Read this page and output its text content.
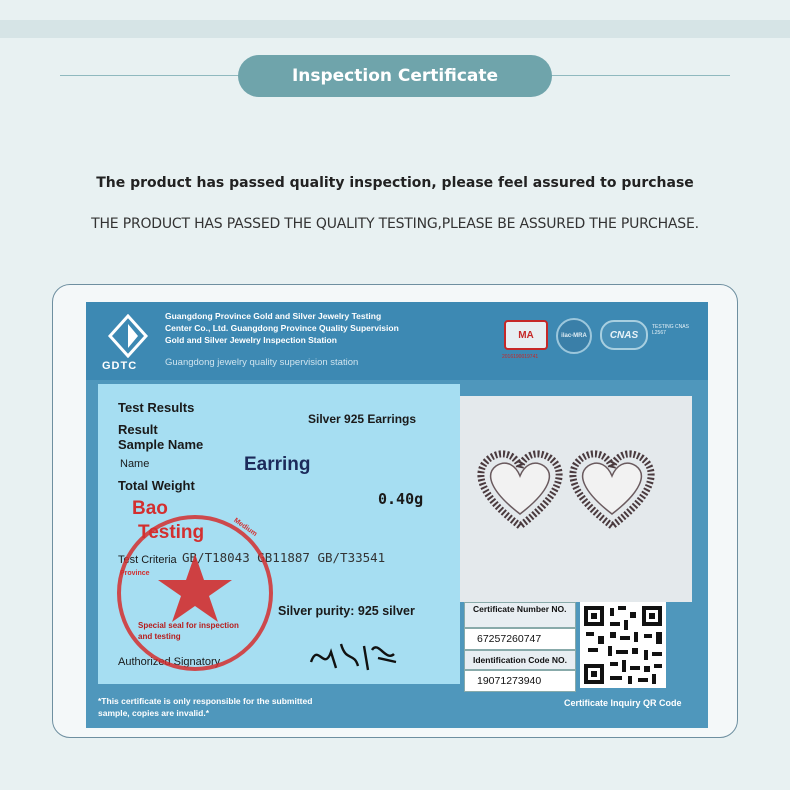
Inspection Certificate
The product has passed quality inspection, please feel assured to purchase
THE PRODUCT HAS PASSED THE QUALITY TESTING,PLEASE BE ASSURED THE PURCHASE.
GDTC
Guangdong Province Gold and Silver Jewelry Testing Center Co., Ltd. Guangdong Province Quality Supervision Gold and Silver Jewelry Inspection Station
Guangdong jewelry quality supervision station
MA
2016190019741
ilac-MRA	CNAS
TESTING CNAS L2567
Test Results
Result
Sample Name
Name
Total Weight
Test Criteria
Authorized Signatory
Silver 925 Earrings
Earring
0.40g
GB/T18043 GB11887 GB/T33541
Silver purity: 925 silver
Bao
Testing	Medium
Province
Special seal for inspection and testing
Certificate Number NO.
67257260747
Identification Code NO.
19071273940
*This certificate is only responsible for the submitted sample, copies are invalid.*
Certificate Inquiry QR Code
